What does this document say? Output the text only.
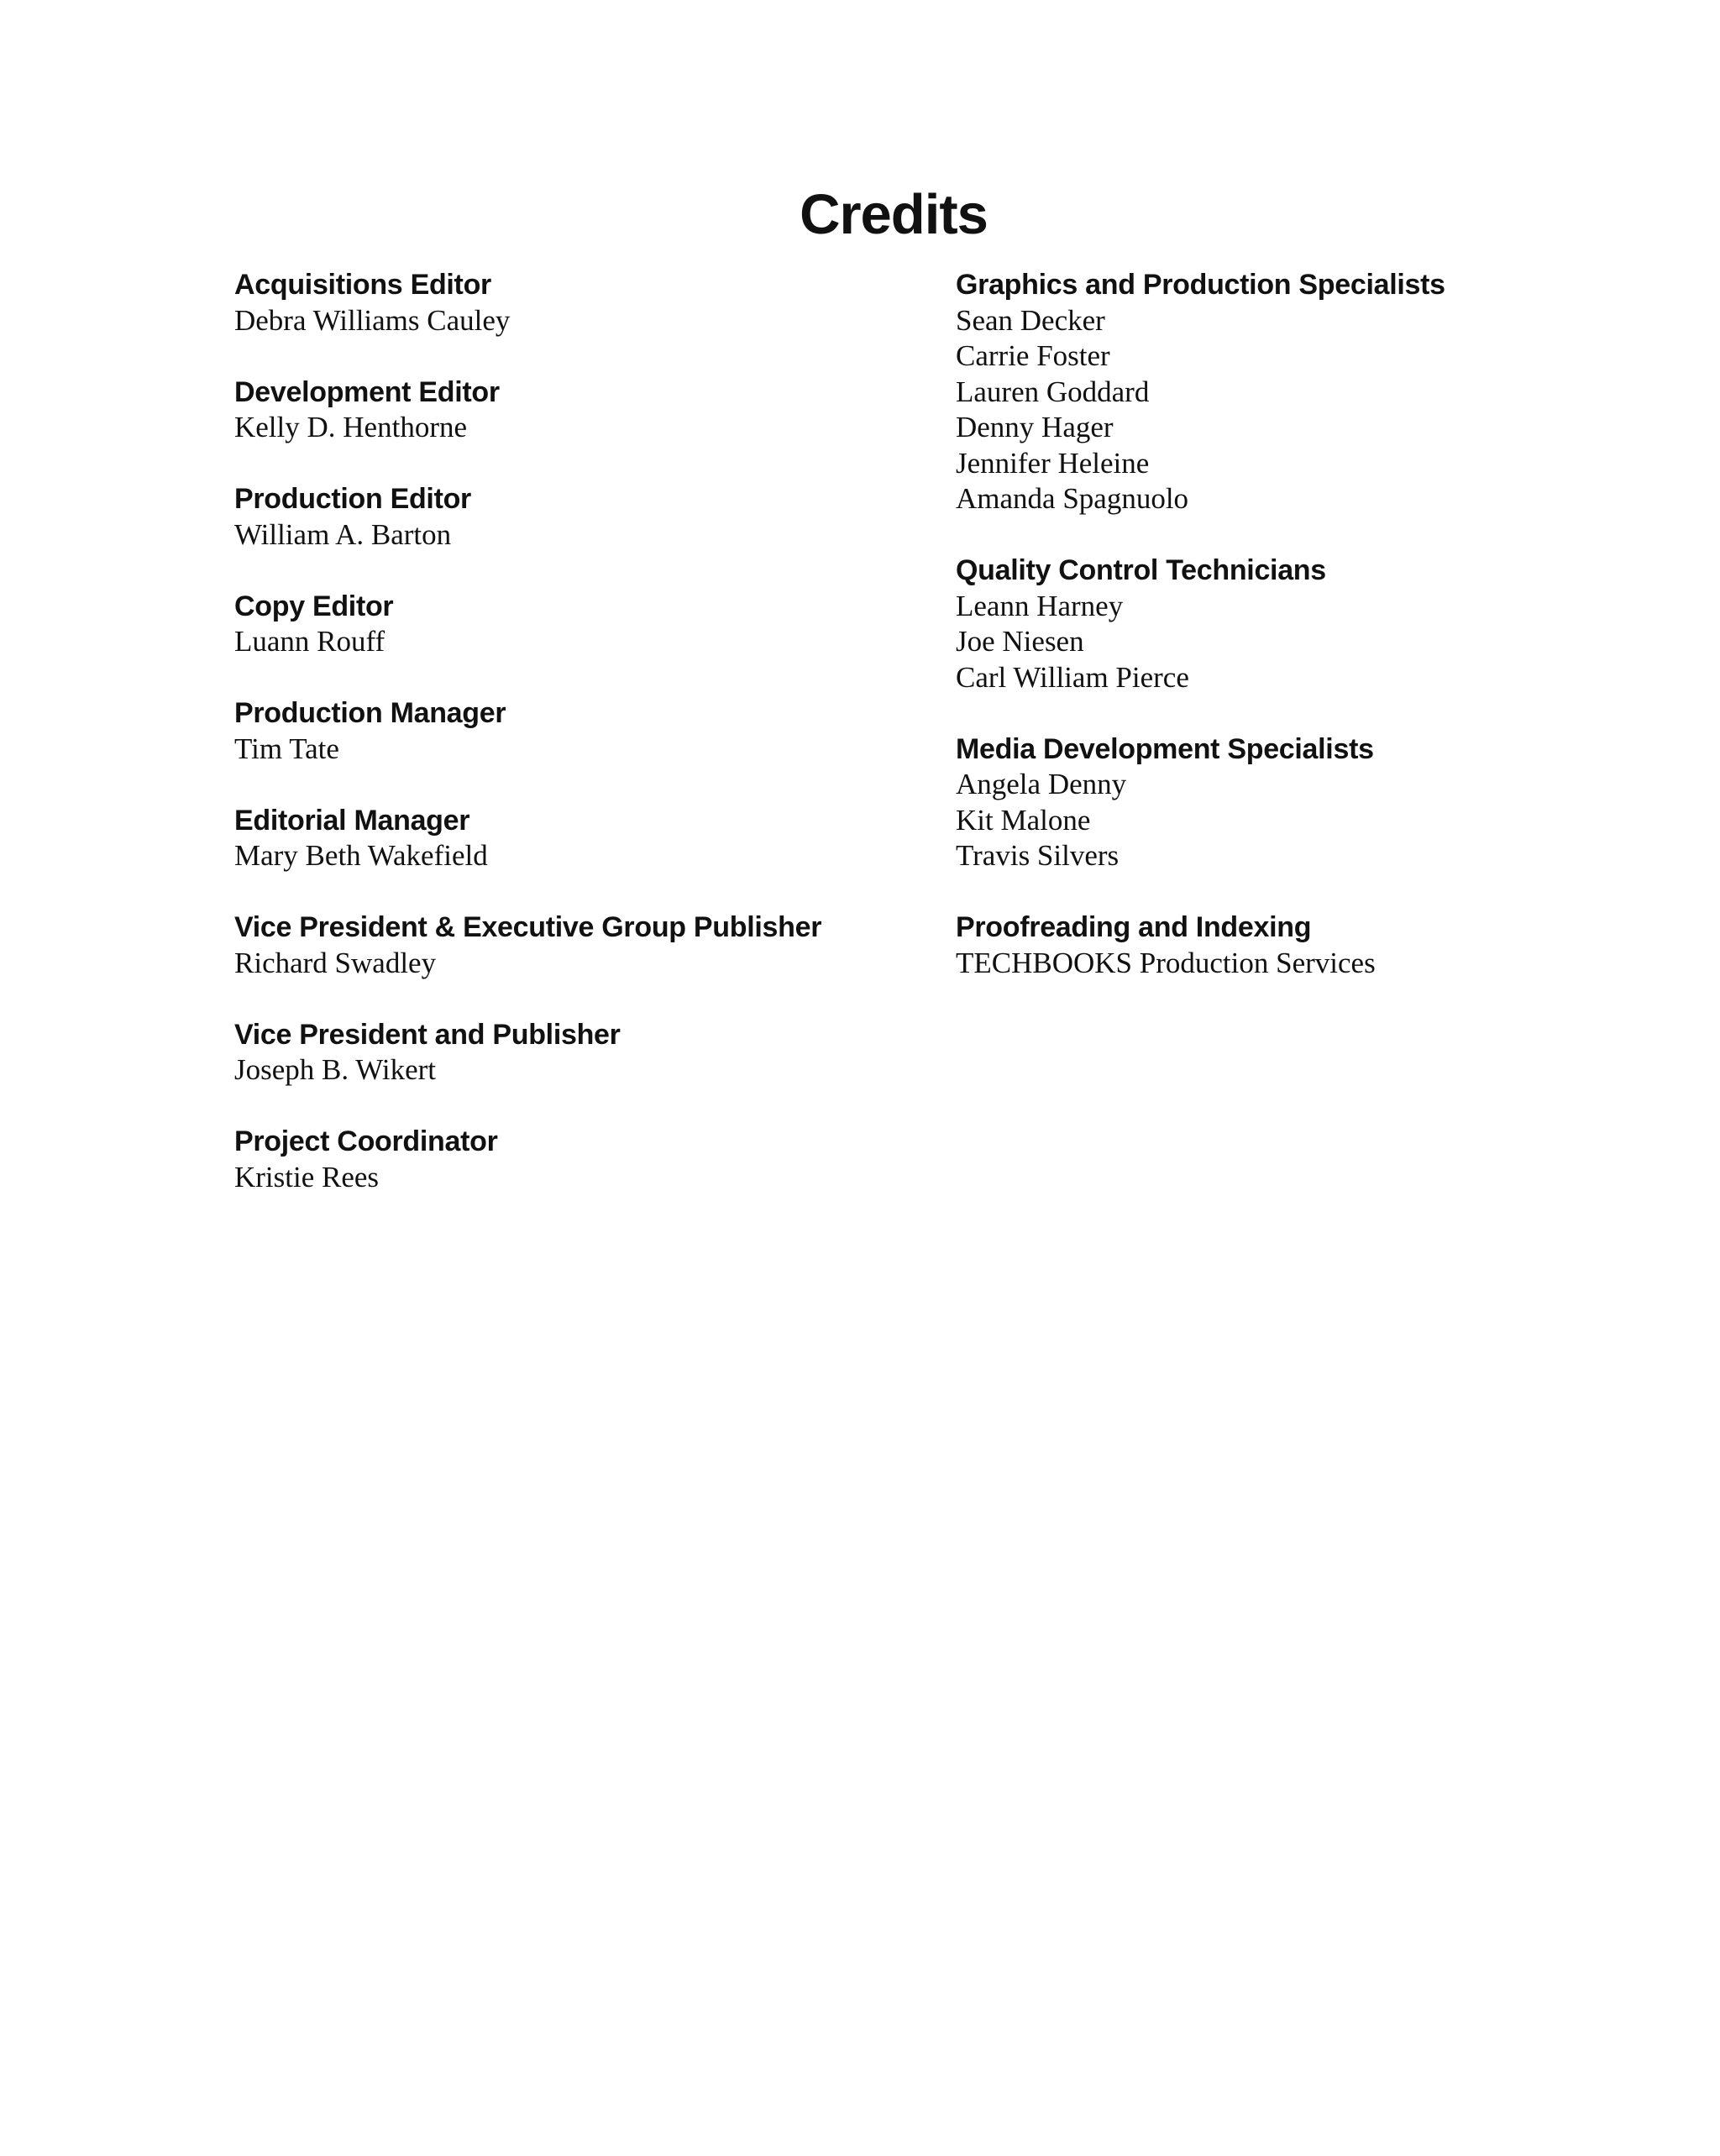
Credits

Acquisitions Editor

Debra Williams Cauley

Development Editor

Kelly D. Henthorne

Production Editor

William A. Barton

Copy Editor

Luann Rouff

Production Manager

Tim Tate

Editorial Manager

Mary Beth Wakefield

Vice President & Executive Group Publisher

Richard Swadley

Vice President and Publisher

Joseph B. Wikert

Project Coordinator

Kristie Rees

Graphics and Production Specialists

Sean Decker

Carrie Foster

Lauren Goddard

Denny Hager

Jennifer Heleine

Amanda Spagnuolo

Quality Control Technicians

Leann Harney

Joe Niesen

Carl William Pierce

Media Development Specialists

Angela Denny

Kit Malone

Travis Silvers

Proofreading and Indexing

TECHBOOKS Production Services
